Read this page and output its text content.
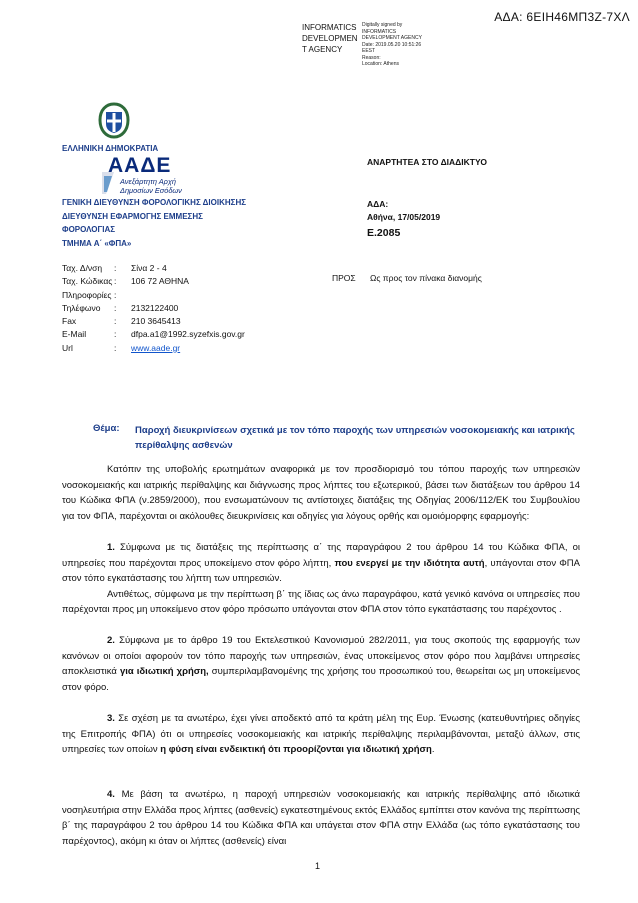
ΑΔΑ: 6ΕΙΗ46ΜΠ3Ζ-7ΧΛ
INFORMATICS
DEVELOPMEN
T AGENCY
Digitally signed by
INFORMATICS
DEVELOPMENT AGENCY
Date: 2019.05.20 10:51:26
EEST
Reason:
Location: Athens
ΕΛΛΗΝΙΚΗ ΔΗΜΟΚΡΑΤΙΑ
ΑΑΔΕ
Ανεξάρτητη Αρχή
Δημοσίων Εσόδων
ΓΕΝΙΚΗ ΔΙΕΥΘΥΝΣΗ ΦΟΡΟΛΟΓΙΚΗΣ ΔΙΟΙΚΗΣΗΣ
ΔΙΕΥΘΥΝΣΗ ΕΦΑΡΜΟΓΗΣ ΕΜΜΕΣΗΣ
ΦΟΡΟΛΟΓΙΑΣ
ΤΜΗΜΑ Α΄ «ΦΠΑ»
ΑΝΑΡΤΗΤΕΑ ΣΤΟ ΔΙΑΔΙΚΤΥΟ
ΑΔΑ:
Αθήνα, 17/05/2019
Ε.2085
Ταχ. Δ/νση	:	Σίνα 2 - 4
Ταχ. Κώδικας :	106 72 ΑΘΗΝΑ
Πληροφορίες :
Τηλέφωνο	:	2132122400
Fax	:	210 3645413
E-Mail	:	dfpa.a1@1992.syzefxis.gov.gr
Url	:	www.aade.gr
ΠΡΟΣ Ως προς τον πίνακα διανομής
Θέμα: Παροχή διευκρινίσεων σχετικά με τον τόπο παροχής των υπηρεσιών νοσοκομειακής και ιατρικής περίθαλψης ασθενών

Κατόπιν της υποβολής ερωτημάτων αναφορικά με τον προσδιορισμό του τόπου παροχής των υπηρεσιών νοσοκομειακής και ιατρικής περίθαλψης και διάγνωσης προς λήπτες του εξωτερικού, βάσει των διατάξεων του άρθρου 14 του Κώδικα ΦΠΑ (ν.2859/2000), που ενσωματώνουν τις αντίστοιχες διατάξεις της Οδηγίας 2006/112/ΕΚ του Συμβουλίου για τον ΦΠΑ, παρέχονται οι ακόλουθες διευκρινίσεις και οδηγίες για λόγους ορθής και ομοιόμορφης εφαρμογής:

1. Σύμφωνα με τις διατάξεις της περίπτωσης α΄ της παραγράφου 2 του άρθρου 14 του Κώδικα ΦΠΑ, οι υπηρεσίες που παρέχονται προς υποκείμενο στον φόρο λήπτη, που ενεργεί με την ιδιότητα αυτή, υπάγονται στον ΦΠΑ στον τόπο εγκατάστασης του λήπτη των υπηρεσιών.

Αντιθέτως, σύμφωνα με την περίπτωση β΄ της ίδιας ως άνω παραγράφου, κατά γενικό κανόνα οι υπηρεσίες που παρέχονται προς μη υποκείμενο στον φόρο πρόσωπο υπάγονται στον ΦΠΑ στον τόπο εγκατάστασης του παρέχοντος .

2. Σύμφωνα με το άρθρο 19 του Εκτελεστικού Κανονισμού 282/2011, για τους σκοπούς της εφαρμογής των κανόνων οι οποίοι αφορούν τον τόπο παροχής των υπηρεσιών, ένας υποκείμενος στον φόρο που λαμβάνει υπηρεσίες αποκλειστικά για ιδιωτική χρήση, συμπεριλαμβανομένης της χρήσης του προσωπικού του, θεωρείται ως μη υποκείμενος στον φόρο.

3. Σε σχέση με τα ανωτέρω, έχει γίνει αποδεκτό από τα κράτη μέλη της Ευρ. Ένωσης (κατευθυντήριες οδηγίες της Επιτροπής ΦΠΑ) ότι οι υπηρεσίες νοσοκομειακής και ιατρικής περίθαλψης περιλαμβάνονται, μεταξύ άλλων, στις υπηρεσίες των οποίων η φύση είναι ενδεικτική ότι προορίζονται για ιδιωτική χρήση.

4. Με βάση τα ανωτέρω, η παροχή υπηρεσιών νοσοκομειακής και ιατρικής περίθαλψης από ιδιωτικά νοσηλευτήρια στην Ελλάδα προς λήπτες (ασθενείς) εγκατεστημένους εκτός Ελλάδος εμπίπτει στον κανόνα της περίπτωσης β΄ της παραγράφου 2 του άρθρου 14 του Κώδικα ΦΠΑ και υπάγεται στον ΦΠΑ στην Ελλάδα (ως τόπο εγκατάστασης του παρέχοντος), ακόμη κι όταν οι λήπτες (ασθενείς) είναι

1
